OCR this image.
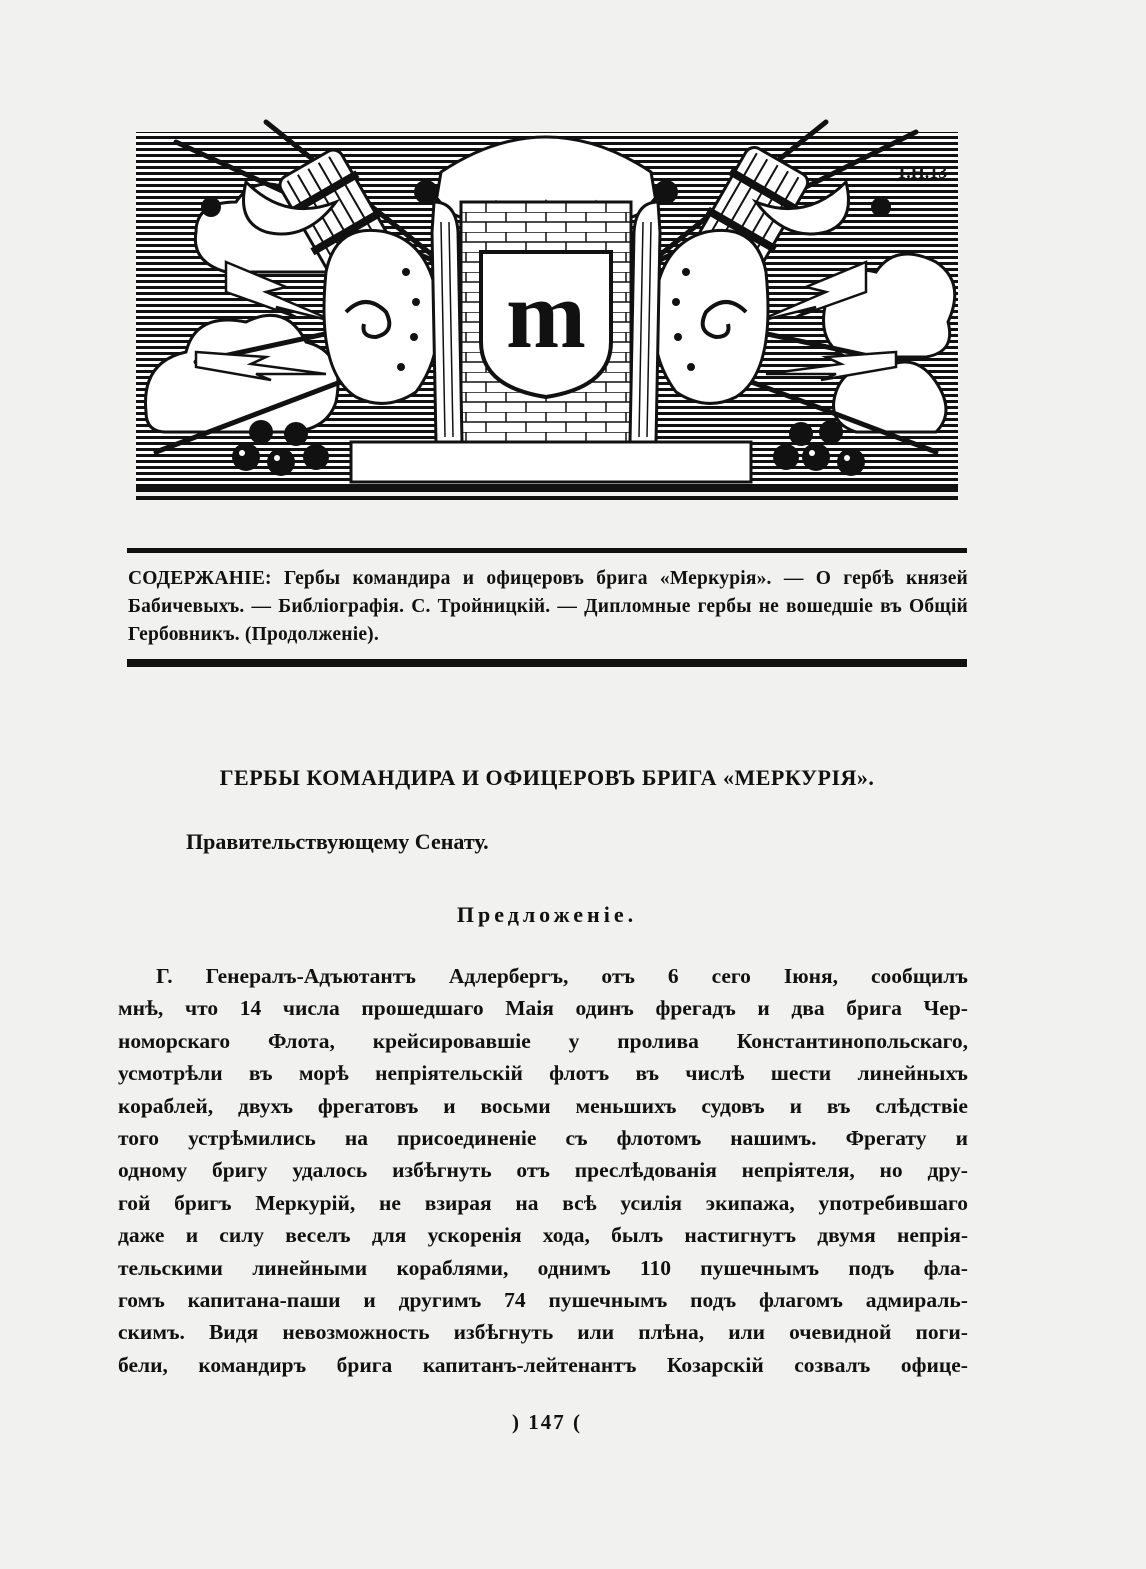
Т.Н.13
m
СОДЕРЖАНІЕ: Гербы командира и офицеровъ брига «Меркурія». — О гербѣ князей Бабичевыхъ. — Библіографія. С. Тройницкій. — Дипломные гербы не вошедшіе въ Общій Гербовникъ. (Продолженіе).
ГЕРБЫ КОМАНДИРА И ОФИЦЕРОВЪ БРИГА «МЕРКУРІЯ».
Правительствующему Сенату.
Предложеніе.
Г. Генералъ-Адъютантъ Адлербергъ, отъ 6 сего Іюня, сообщилъ
мнѣ, что 14 числа прошедшаго Маія одинъ фрегадъ и два брига Чер-
номорскаго Флота, крейсировавшіе у пролива Константинопольскаго,
усмотрѣли въ морѣ непріятельскій флотъ въ числѣ шести линейныхъ
кораблей, двухъ фрегатовъ и восьми меньшихъ судовъ и въ слѣдствіе
того устрѣмились на присоединеніе съ флотомъ нашимъ. Фрегату и
одному бригу удалось избѣгнуть отъ преслѣдованія непріятеля, но дру-
гой бригъ Меркурій, не взирая на всѣ усилія экипажа, употребившаго
даже и силу веселъ для ускоренія хода, былъ настигнутъ двумя непрія-
тельскими линейными кораблями, однимъ 110 пушечнымъ подъ фла-
гомъ капитана-паши и другимъ 74 пушечнымъ подъ флагомъ адмираль-
скимъ. Видя невозможность избѣгнуть или плѣна, или очевидной поги-
бели, командиръ брига капитанъ-лейтенантъ Козарскій созвалъ офице-
) 147 (
